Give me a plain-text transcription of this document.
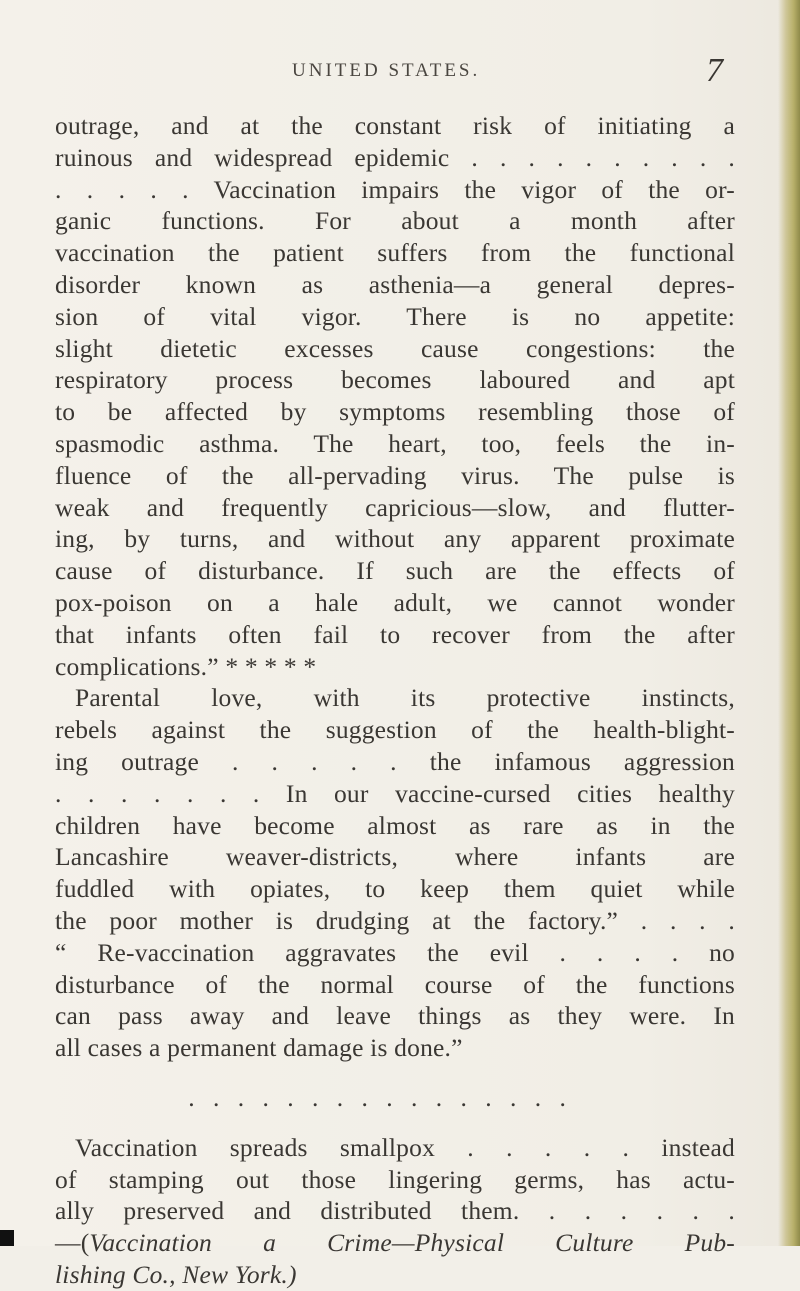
UNITED STATES.	7
outrage, and at the constant risk of initiating a
ruinous and widespread epidemic . . . . . . . . . .
. . . . . Vaccination impairs the vigor of the or-
ganic functions. For about a month after
vaccination the patient suffers from the functional
disorder known as asthenia—a general depres-
sion of vital vigor. There is no appetite:
slight dietetic excesses cause congestions: the
respiratory process becomes laboured and apt
to be affected by symptoms resembling those of
spasmodic asthma. The heart, too, feels the in-
fluence of the all-pervading virus. The pulse is
weak and frequently capricious—slow, and flutter-
ing, by turns, and without any apparent proximate
cause of disturbance. If such are the effects of
pox-poison on a hale adult, we cannot wonder
that infants often fail to recover from the after
complications.” * * * * *
Parental love, with its protective instincts,
rebels against the suggestion of the health-blight-
ing outrage . . . . . the infamous aggression
. . . . . . . In our vaccine-cursed cities healthy
children have become almost as rare as in the
Lancashire weaver-districts, where infants are
fuddled with opiates, to keep them quiet while
the poor mother is drudging at the factory.” . . . .
“ Re-vaccination aggravates the evil . . . . no
disturbance of the normal course of the functions
can pass away and leave things as they were. In
all cases a permanent damage is done.”
. . . . . . . . . . . . . . . .
Vaccination spreads smallpox . . . . . instead
of stamping out those lingering germs, has actu-
ally preserved and distributed them. . . . . . .
—(Vaccination a Crime—Physical Culture Pub-
lishing Co., New York.)
